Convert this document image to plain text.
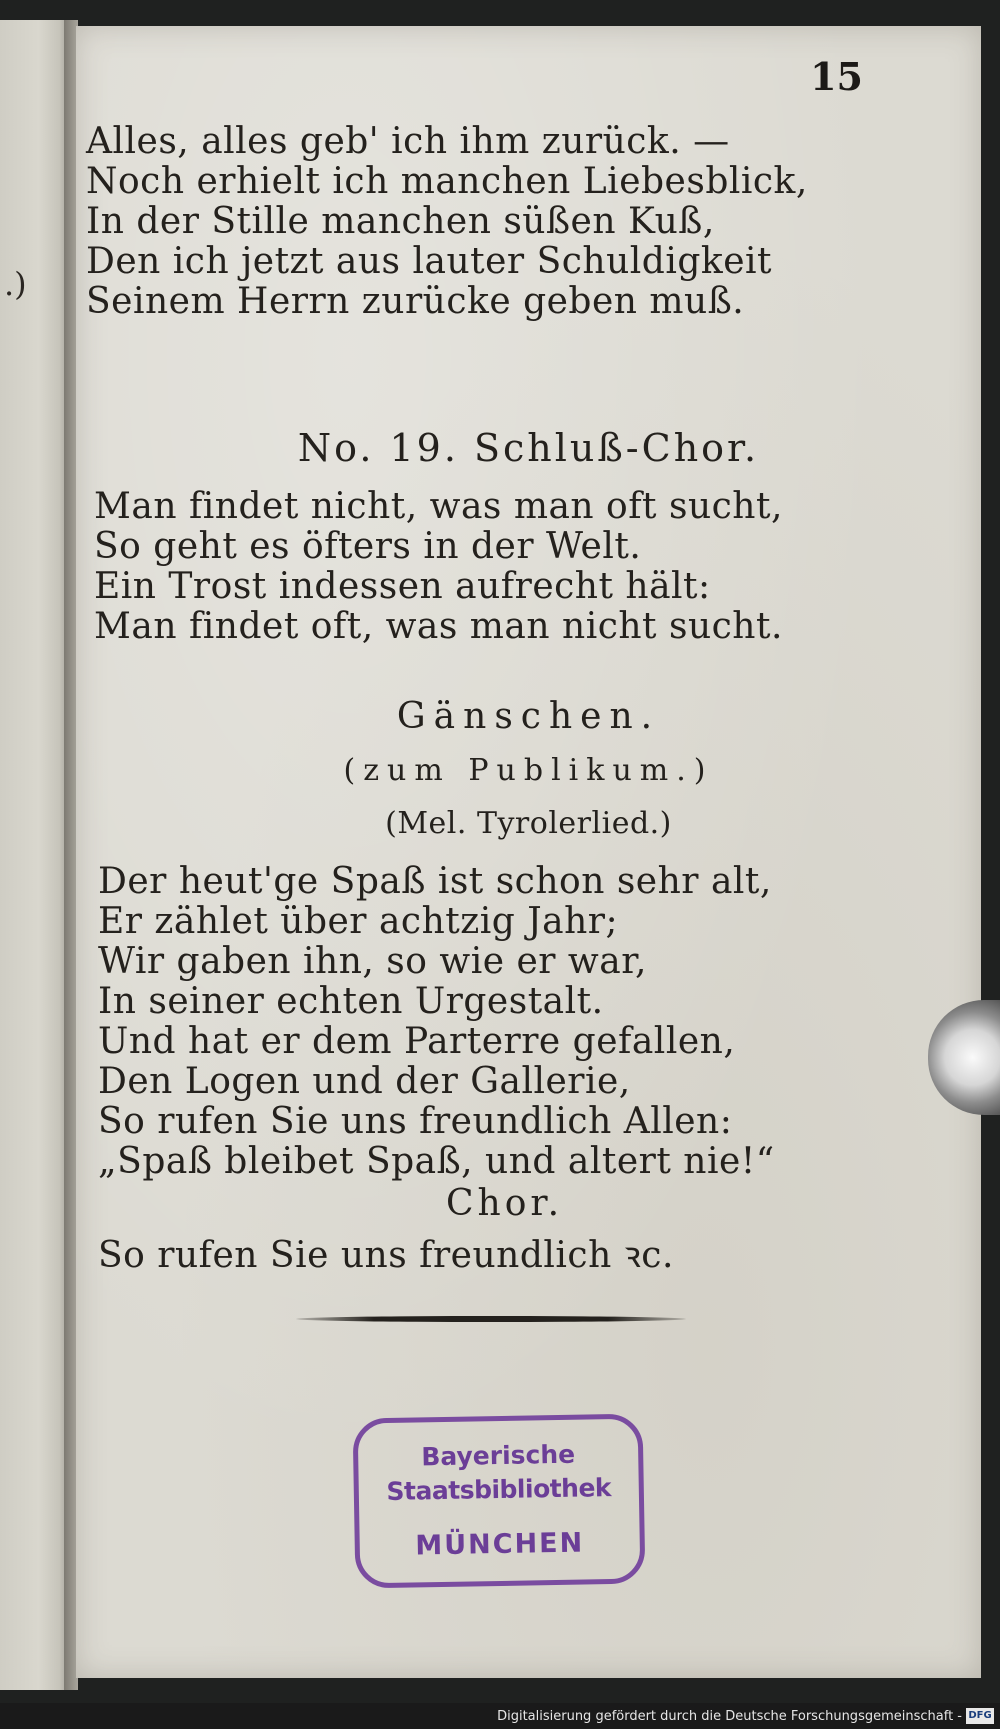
.)
15
Alles, alles geb' ich ihm zurück. —
Noch erhielt ich manchen Liebesblick,
In der Stille manchen süßen Kuß,
Den ich jetzt aus lauter Schuldigkeit
Seinem Herrn zurücke geben muß.
No. 19. Schluß-Chor.
Man findet nicht, was man oft sucht,
So geht es öfters in der Welt.
Ein Trost indessen aufrecht hält:
Man findet oft, was man nicht sucht.
Gänschen.
(zum Publikum.)
(Mel. Tyrolerlied.)
Der heut'ge Spaß ist schon sehr alt,
Er zählet über achtzig Jahr;
Wir gaben ihn, so wie er war,
In seiner echten Urgestalt.
Und hat er dem Parterre gefallen,
Den Logen und der Gallerie,
So rufen Sie uns freundlich Allen:
„Spaß bleibet Spaß, und altert nie!“
Chor.
So rufen Sie uns freundlich ꝛc.
Bayerische
Staatsbibliothek
MÜNCHEN
Digitalisierung gefördert durch die Deutsche Forschungsgemeinschaft - DFG
